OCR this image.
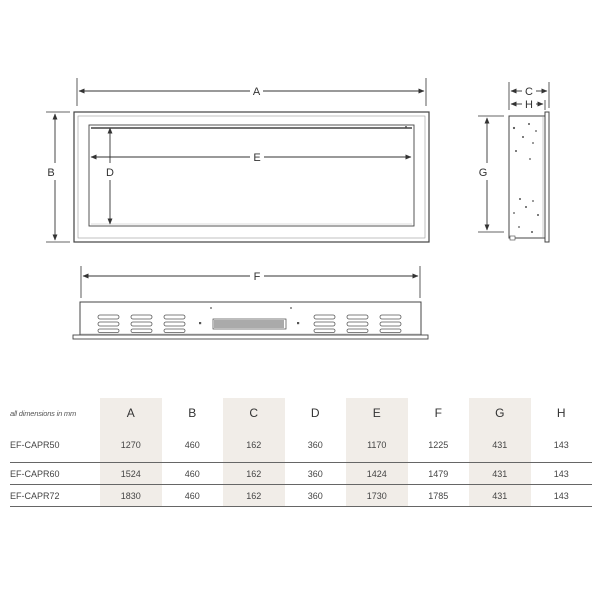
A
B	D
E
C
H
G
F
all dimensions in mm	A	B	C	D	E	F	G	H
EF-CAPR50	1270	460	162	360	1170	1225	431	143
EF-CAPR60	1524	460	162	360	1424	1479	431	143
EF-CAPR72	1830	460	162	360	1730	1785	431	143
